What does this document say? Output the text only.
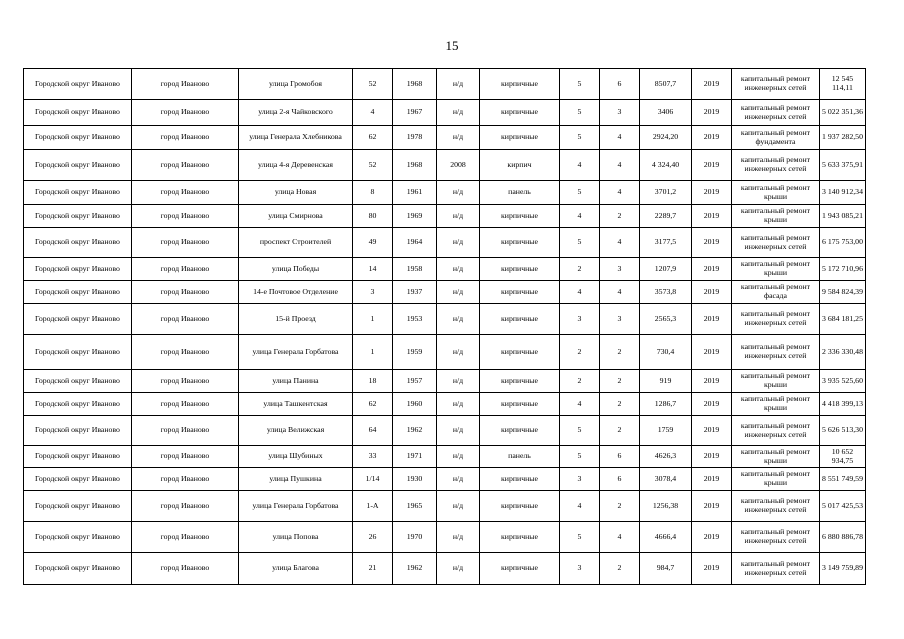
15
Городской округ Иваново	город Иваново	улица Громобоя	52	1968	н/д	кирпичные	5	6	8507,7	2019	капитальный ремонт инженерных сетей	12 545 114,11
Городской округ Иваново	город Иваново	улица 2-я Чайковского	4	1967	н/д	кирпичные	5	3	3406	2019	капитальный ремонт инженерных сетей	5 022 351,36
Городской округ Иваново	город Иваново	улица Генерала Хлебникова	62	1978	н/д	кирпичные	5	4	2924,20	2019	капитальный ремонт фундамента	1 937 282,50
Городской округ Иваново	город Иваново	улица 4-я Деревенская	52	1968	2008	кирпич	4	4	4 324,40	2019	капитальный ремонт инженерных сетей	5 633 375,91
Городской округ Иваново	город Иваново	улица Новая	8	1961	н/д	панель	5	4	3701,2	2019	капитальный ремонт крыши	3 140 912,34
Городской округ Иваново	город Иваново	улица Смирнова	80	1969	н/д	кирпичные	4	2	2289,7	2019	капитальный ремонт крыши	1 943 085,21
Городской округ Иваново	город Иваново	проспект Строителей	49	1964	н/д	кирпичные	5	4	3177,5	2019	капитальный ремонт инженерных сетей	6 175 753,00
Городской округ Иваново	город Иваново	улица Победы	14	1958	н/д	кирпичные	2	3	1207,9	2019	капитальный ремонт крыши	5 172 710,96
Городской округ Иваново	город Иваново	14-е Почтовое Отделение	3	1937	н/д	кирпичные	4	4	3573,8	2019	капитальный ремонт фасада	9 584 824,39
Городской округ Иваново	город Иваново	15-й Проезд	1	1953	н/д	кирпичные	3	3	2565,3	2019	капитальный ремонт инженерных сетей	3 684 181,25
Городской округ Иваново	город Иваново	улица Генерала Горбатова	1	1959	н/д	кирпичные	2	2	730,4	2019	капитальный ремонт инженерных сетей	2 336 330,48
Городской округ Иваново	город Иваново	улица Панина	18	1957	н/д	кирпичные	2	2	919	2019	капитальный ремонт крыши	3 935 525,60
Городской округ Иваново	город Иваново	улица Ташкентская	62	1960	н/д	кирпичные	4	2	1286,7	2019	капитальный ремонт крыши	4 418 399,13
Городской округ Иваново	город Иваново	улица Велижская	64	1962	н/д	кирпичные	5	2	1759	2019	капитальный ремонт инженерных сетей	5 626 513,30
Городской округ Иваново	город Иваново	улица Шубиных	33	1971	н/д	панель	5	6	4626,3	2019	капитальный ремонт крыши	10 652 934,75
Городской округ Иваново	город Иваново	улица Пушкина	1/14	1930	н/д	кирпичные	3	6	3078,4	2019	капитальный ремонт крыши	8 551 749,59
Городской округ Иваново	город Иваново	улица Генерала Горбатова	1-А	1965	н/д	кирпичные	4	2	1256,38	2019	капитальный ремонт инженерных сетей	5 017 425,53
Городской округ Иваново	город Иваново	улица Попова	26	1970	н/д	кирпичные	5	4	4666,4	2019	капитальный ремонт инженерных сетей	6 880 886,78
Городской округ Иваново	город Иваново	улица Благова	21	1962	н/д	кирпичные	3	2	984,7	2019	капитальный ремонт инженерных сетей	3 149 759,89
